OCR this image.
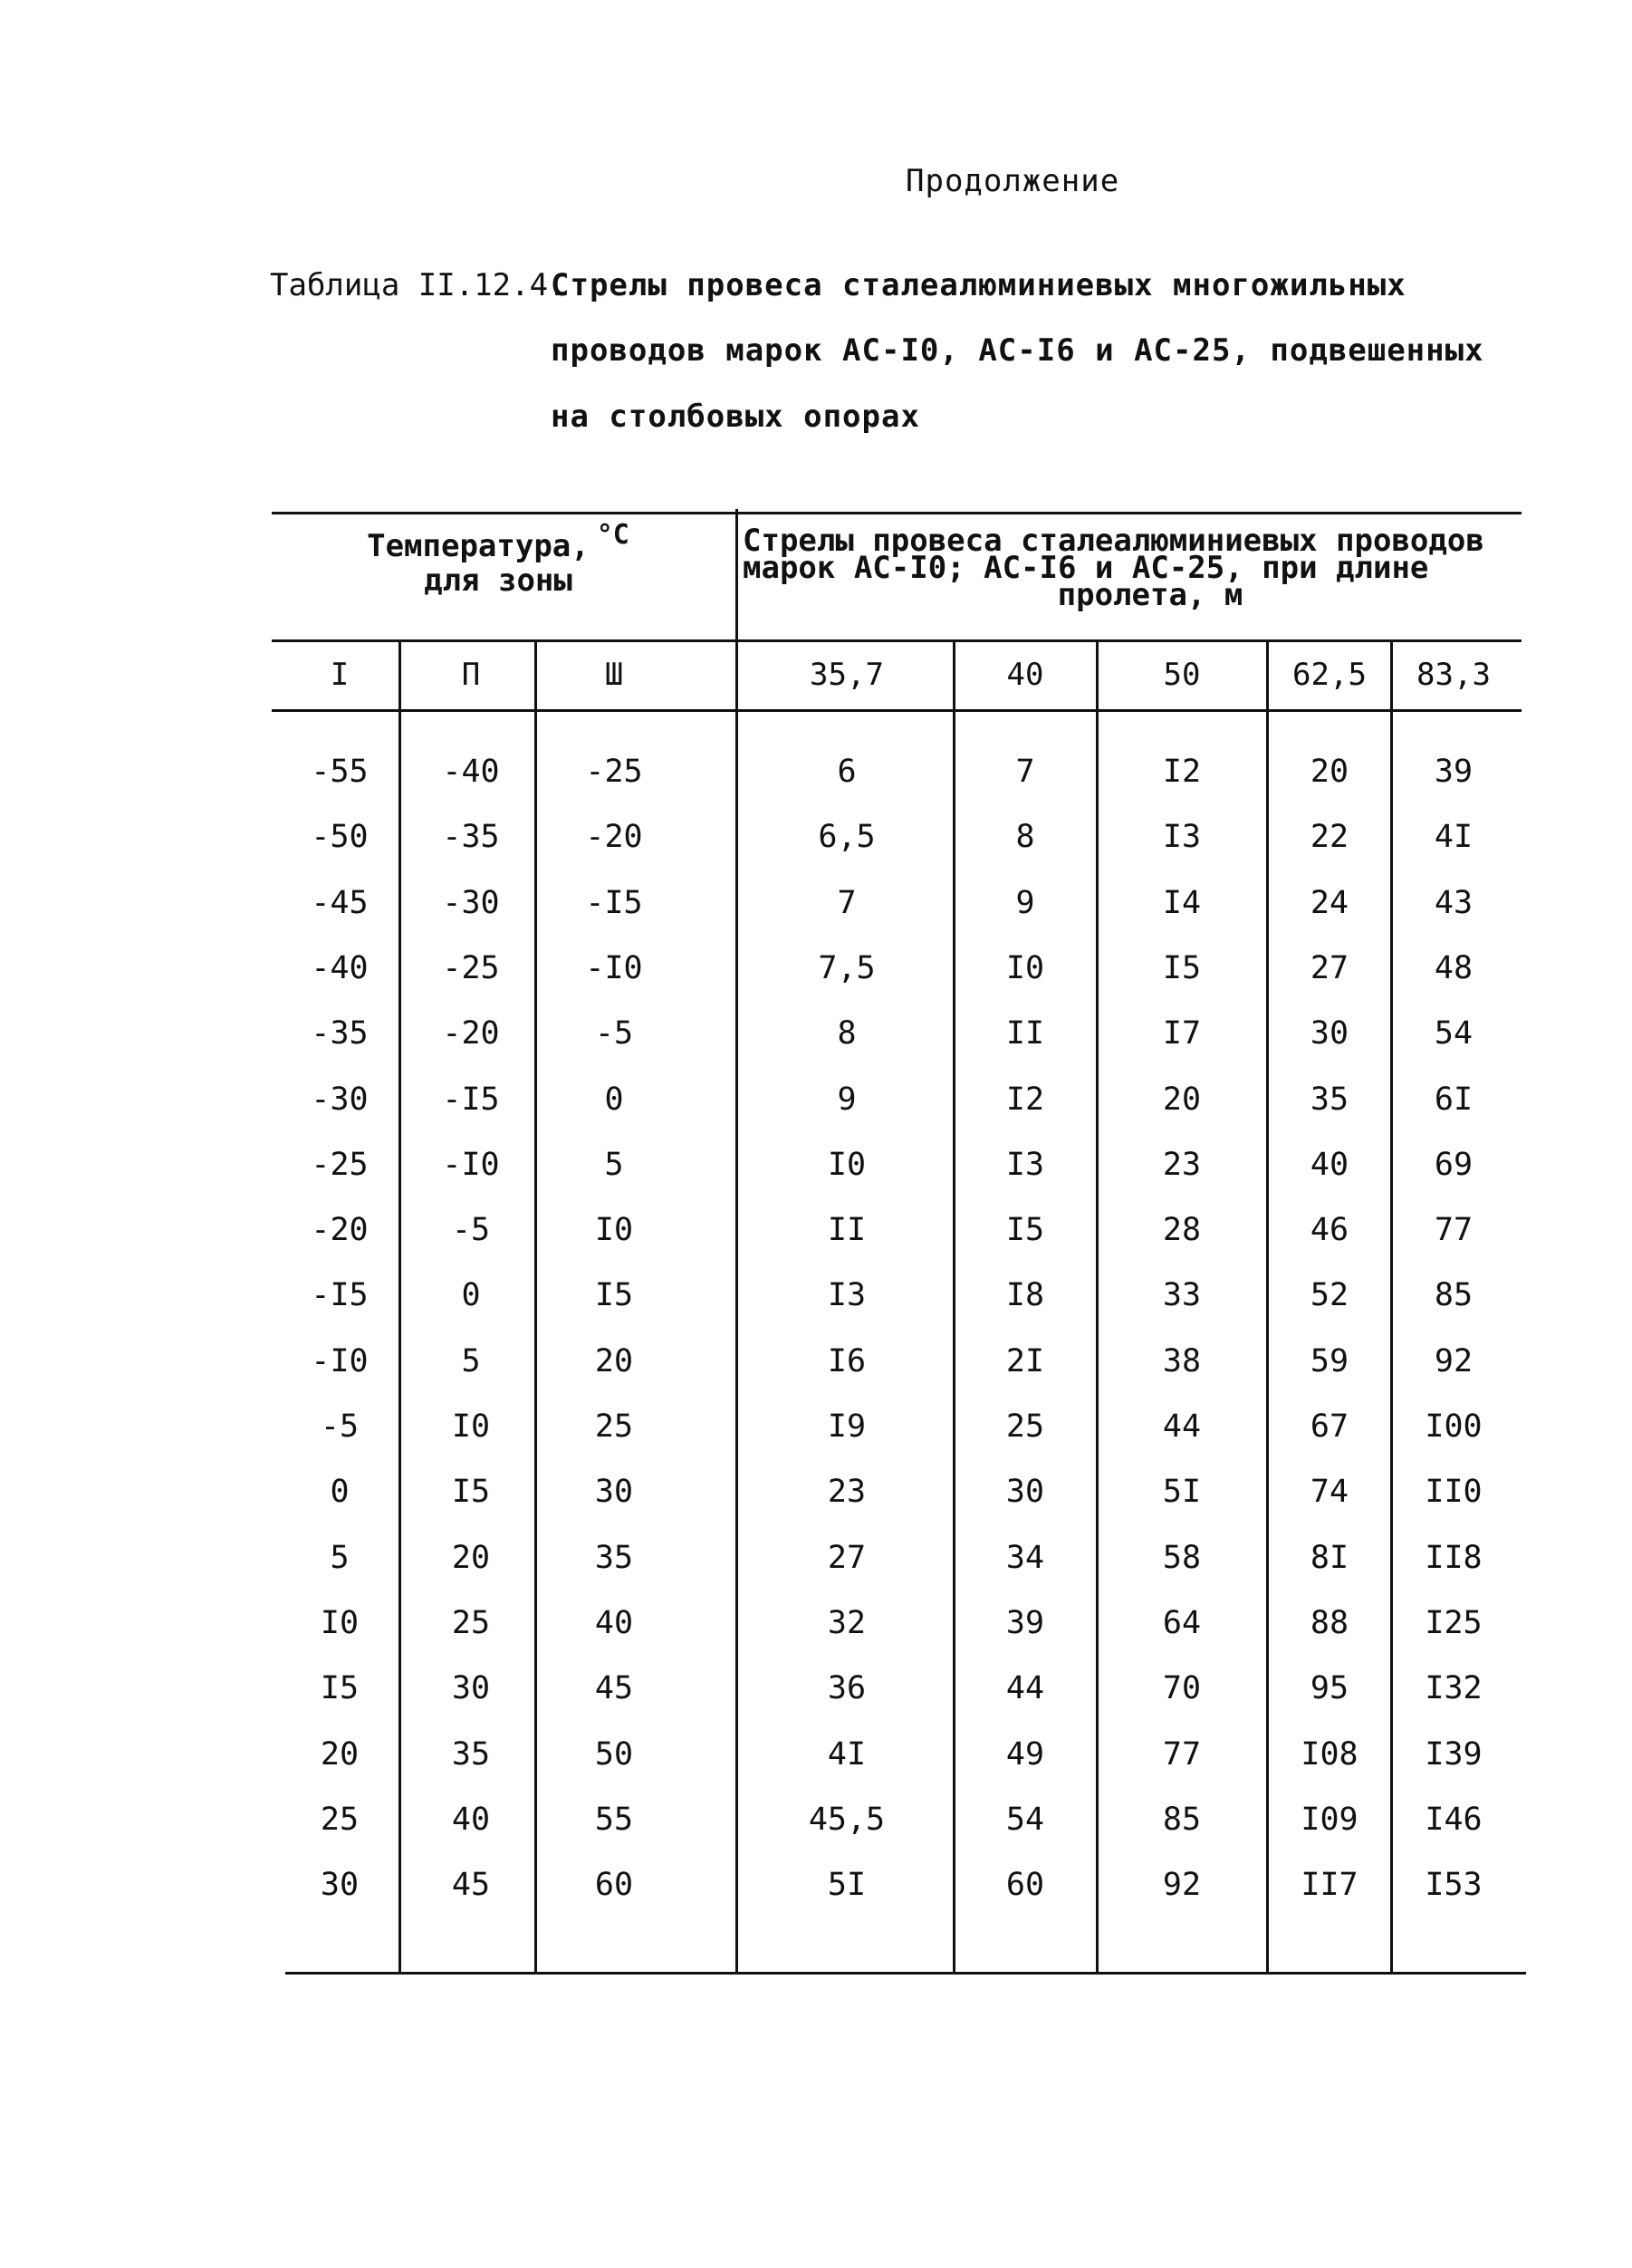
Продолжение
Таблица II.12.4.
Стрелы провеса сталеалюминиевых многожильных
проводов марок АС-I0, АС-I6 и АС-25, подвешенных
на столбовых опорах
Температура, °С
для зоны
Стрелы провеса сталеалюминиевых проводов
марок АС-I0; АС-I6 и АС-25, при длине

пролета, м
I	П	Ш	35,7	40	50	62,5	83,3
-55	-40	-25	6	7	I2	20	39
-50	-35	-20	6,5	8	I3	22	4I
-45	-30	-I5	7	9	I4	24	43
-40	-25	-I0	7,5	I0	I5	27	48
-35	-20	-5	8	II	I7	30	54
-30	-I5	0	9	I2	20	35	6I
-25	-I0	5	I0	I3	23	40	69
-20	-5	I0	II	I5	28	46	77
-I5	0	I5	I3	I8	33	52	85
-I0	5	20	I6	2I	38	59	92
-5	I0	25	I9	25	44	67	I00
0	I5	30	23	30	5I	74	II0
5	20	35	27	34	58	8I	II8
I0	25	40	32	39	64	88	I25
I5	30	45	36	44	70	95	I32
20	35	50	4I	49	77	I08	I39
25	40	55	45,5	54	85	I09	I46
30	45	60	5I	60	92	II7	I53
